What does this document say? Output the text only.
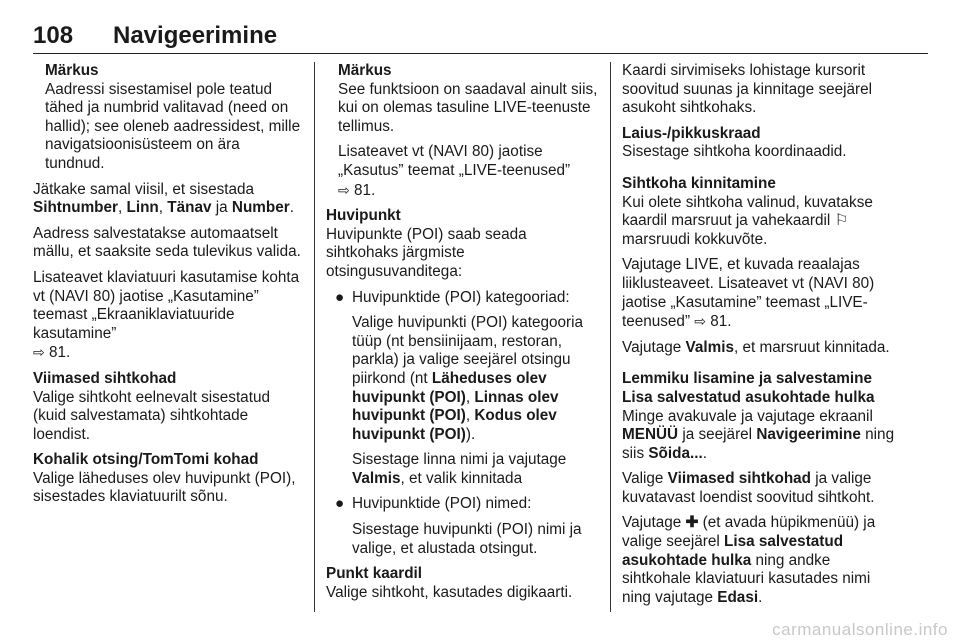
108 Navigeerimine
Märkus

Aadressi sisestamisel pole teatud tähed ja numbrid valitavad (need on hallid); see oleneb aadressidest, mille navigatsioonisüsteem on ära tundnud.

Jätkake samal viisil, et sisestada Sihtnumber, Linn, Tänav ja Number.

Aadress salvestatakse automaatselt mällu, et saaksite seda tulevikus valida.

Lisateavet klaviatuuri kasutamise kohta vt (NAVI 80) jaotise „Kasutamine” teemast „Ekraaniklaviatuuride kasutamine”
⇨ 81.

Viimased sihtkohad

Valige sihtkoht eelnevalt sisestatud (kuid salvestamata) sihtkohtade loendist.

Kohalik otsing/TomTomi kohad

Valige läheduses olev huvipunkt (POI), sisestades klaviatuurilt sõnu.

Märkus

See funktsioon on saadaval ainult siis, kui on olemas tasuline LIVE-teenuste tellimus.

Lisateavet vt (NAVI 80) jaotise „Kasutus” teemat „LIVE-teenused”
⇨ 81.

Huvipunkt

Huvipunkte (POI) saab seada sihtkohaks järgmiste otsingusuvanditega:

● Huvipunktide (POI) kategooriad:

Valige huvipunkti (POI) kategooria tüüp (nt bensiinijaam, restoran, parkla) ja valige seejärel otsingu piirkond (nt Läheduses olev huvipunkt (POI), Linnas olev huvipunkt (POI), Kodus olev huvipunkt (POI)).

Sisestage linna nimi ja vajutage Valmis, et valik kinnitada

● Huvipunktide (POI) nimed:

Sisestage huvipunkti (POI) nimi ja valige, et alustada otsingut.

Punkt kaardil

Valige sihtkoht, kasutades digikaarti.

Kaardi sirvimiseks lohistage kursorit soovitud suunas ja kinnitage seejärel asukoht sihtkohaks.

Laius-/pikkuskraad

Sisestage sihtkoha koordinaadid.

Sihtkoha kinnitamine

Kui olete sihtkoha valinud, kuvatakse kaardil marsruut ja vahekaardil ⚐
marsruudi kokkuvõte.

Vajutage LIVE, et kuvada reaalajas liiklusteaveet. Lisateavet vt (NAVI 80) jaotise „Kasutamine” teemast „LIVE-teenused” ⇨ 81.

Vajutage Valmis, et marsruut kinnitada.

Lemmiku lisamine ja salvestamine
Lisa salvestatud asukohtade hulka

Minge avakuvale ja vajutage ekraanil MENÜÜ ja seejärel Navigeerimine ning siis Sõida....

Valige Viimased sihtkohad ja valige kuvatavast loendist soovitud sihtkoht.

Vajutage ✚ (et avada hüpikmenüü) ja valige seejärel Lisa salvestatud asukohtade hulka ning andke sihtkohale klaviatuuri kasutades nimi ning vajutage Edasi.

carmanualsonline.info
